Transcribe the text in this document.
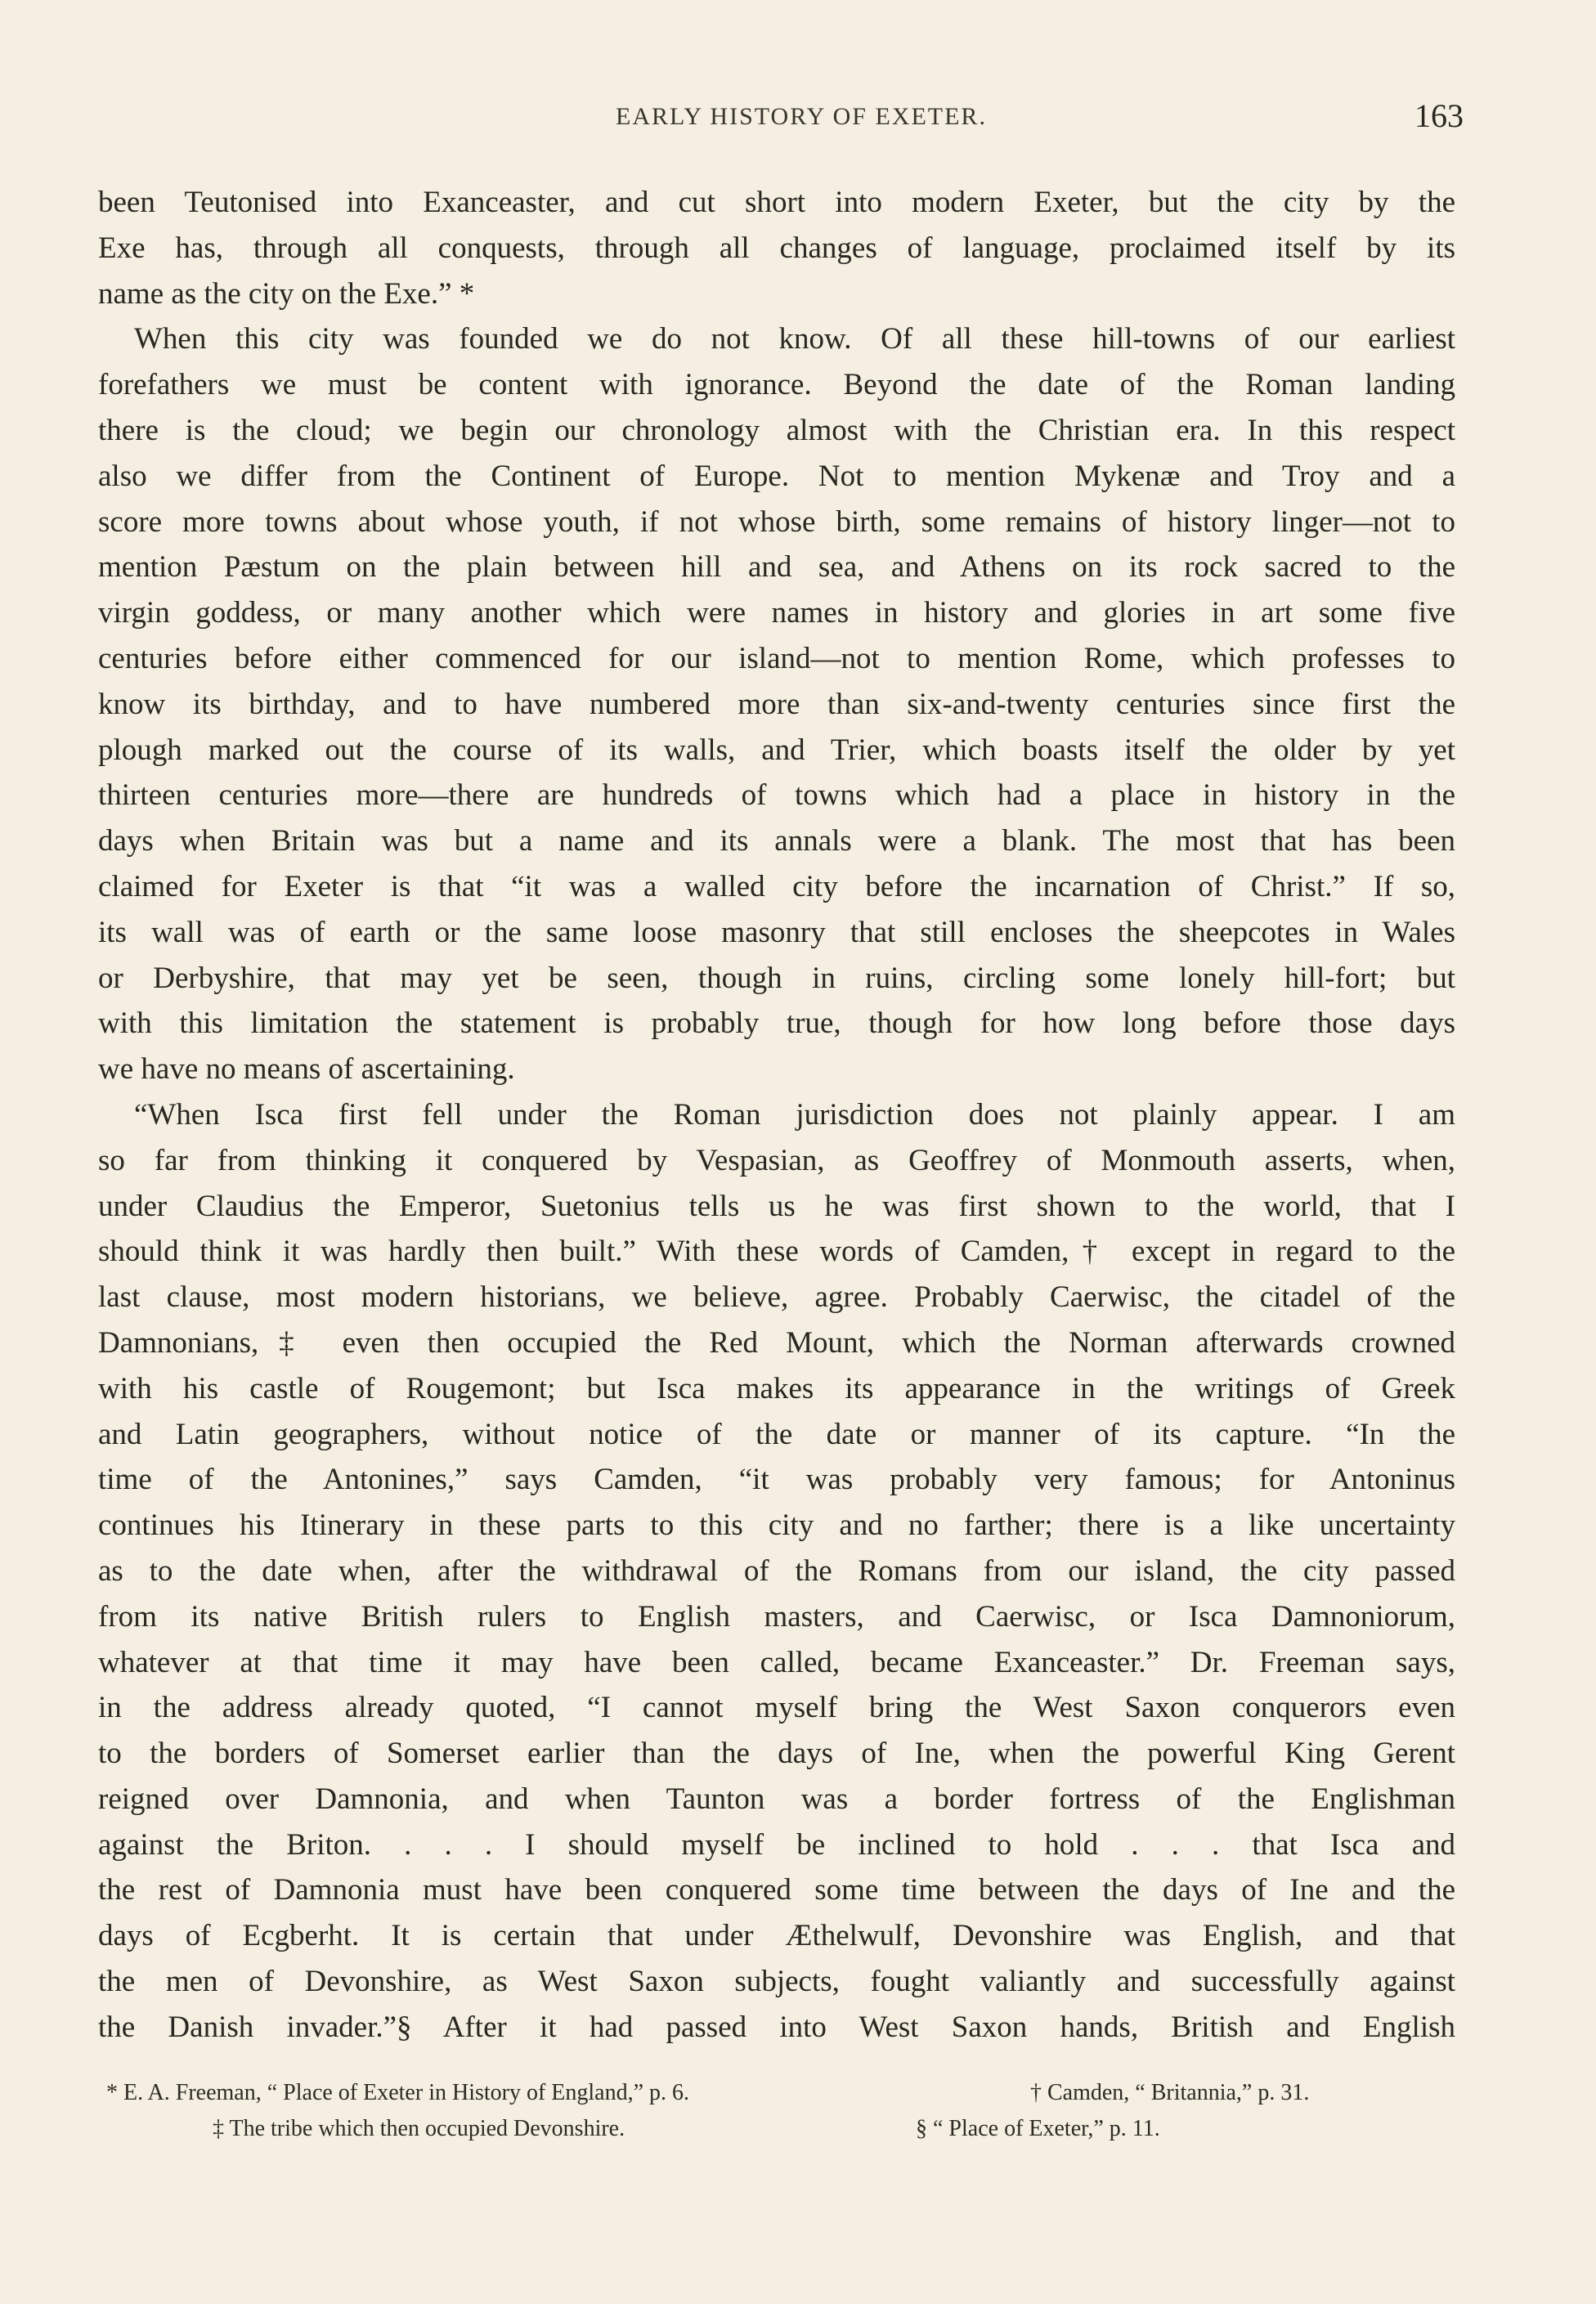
EARLY HISTORY OF EXETER.	163
been Teutonised into Exanceaster, and cut short into modern Exeter, but the city by the
Exe has, through all conquests, through all changes of language, proclaimed itself by its
name as the city on the Exe.” *
When this city was founded we do not know. Of all these hill-towns of our earliest
forefathers we must be content with ignorance. Beyond the date of the Roman landing
there is the cloud; we begin our chronology almost with the Christian era. In this respect
also we differ from the Continent of Europe. Not to mention Mykenæ and Troy and a
score more towns about whose youth, if not whose birth, some remains of history linger—not to
mention Pæstum on the plain between hill and sea, and Athens on its rock sacred to the
virgin goddess, or many another which were names in history and glories in art some five
centuries before either commenced for our island—not to mention Rome, which professes to
know its birthday, and to have numbered more than six-and-twenty centuries since first the
plough marked out the course of its walls, and Trier, which boasts itself the older by yet
thirteen centuries more—there are hundreds of towns which had a place in history in the
days when Britain was but a name and its annals were a blank. The most that has been
claimed for Exeter is that “it was a walled city before the incarnation of Christ.” If so,
its wall was of earth or the same loose masonry that still encloses the sheepcotes in Wales
or Derbyshire, that may yet be seen, though in ruins, circling some lonely hill-fort; but
with this limitation the statement is probably true, though for how long before those days
we have no means of ascertaining.
“When Isca first fell under the Roman jurisdiction does not plainly appear. I am
so far from thinking it conquered by Vespasian, as Geoffrey of Monmouth asserts, when,
under Claudius the Emperor, Suetonius tells us he was first shown to the world, that I
should think it was hardly then built.” With these words of Camden,† except in regard to the
last clause, most modern historians, we believe, agree. Probably Caerwisc, the citadel of the
Damnonians,‡ even then occupied the Red Mount, which the Norman afterwards crowned
with his castle of Rougemont; but Isca makes its appearance in the writings of Greek
and Latin geographers, without notice of the date or manner of its capture. “In the
time of the Antonines,” says Camden, “it was probably very famous; for Antoninus
continues his Itinerary in these parts to this city and no farther; there is a like uncertainty
as to the date when, after the withdrawal of the Romans from our island, the city passed
from its native British rulers to English masters, and Caerwisc, or Isca Damnoniorum,
whatever at that time it may have been called, became Exanceaster.” Dr. Freeman says,
in the address already quoted, “I cannot myself bring the West Saxon conquerors even
to the borders of Somerset earlier than the days of Ine, when the powerful King Gerent
reigned over Damnonia, and when Taunton was a border fortress of the Englishman
against the Briton. . . . I should myself be inclined to hold . . . that Isca and
the rest of Damnonia must have been conquered some time between the days of Ine and the
days of Ecgberht. It is certain that under Æthelwulf, Devonshire was English, and that
the men of Devonshire, as West Saxon subjects, fought valiantly and successfully against
the Danish invader.”§ After it had passed into West Saxon hands, British and English
* E. A. Freeman, “ Place of Exeter in History of England,” p. 6.	† Camden, “ Britannia,” p. 31.
‡ The tribe which then occupied Devonshire.	§ “ Place of Exeter,” p. 11.
